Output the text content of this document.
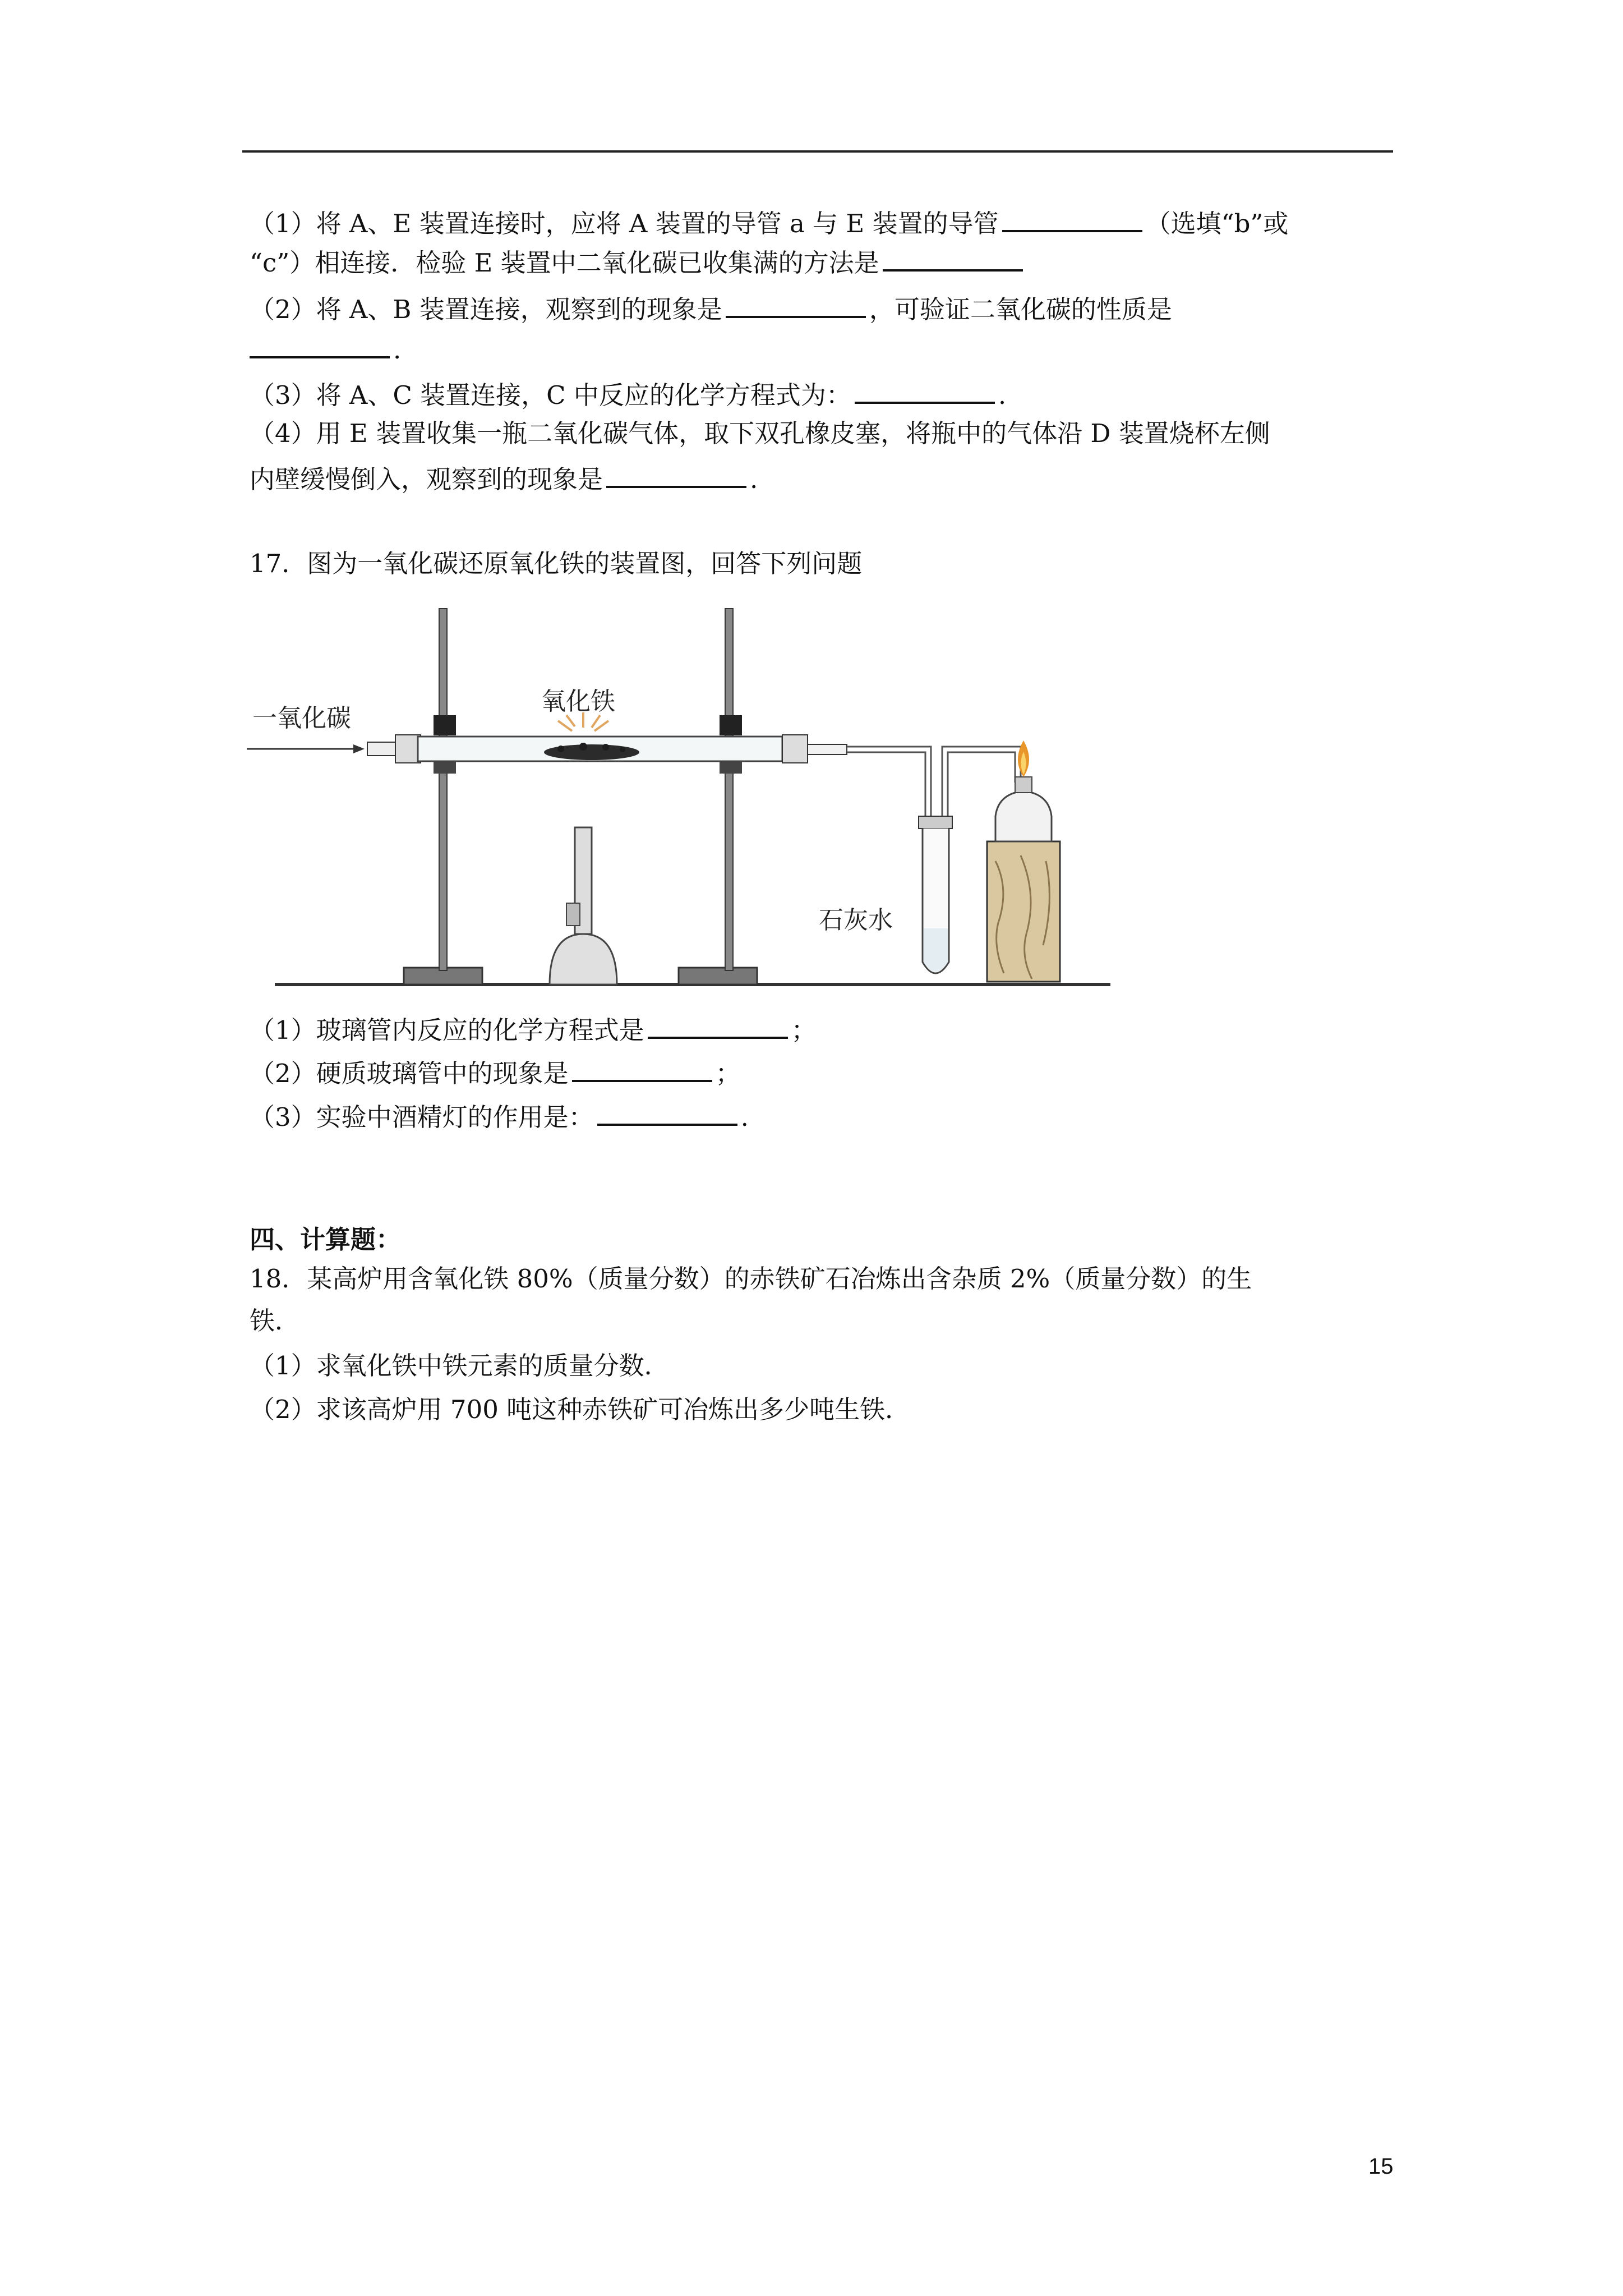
（1）将 A、E 装置连接时，应将 A 装置的导管 a 与 E 装置的导管	（选填“b”或
“c”）相连接．检验 E 装置中二氧化碳已收集满的方法是
（2）将 A、B 装置连接，观察到的现象是	，可验证二氧化碳的性质是
.
（3）将 A、C 装置连接，C 中反应的化学方程式为：	.
（4）用 E 装置收集一瓶二氧化碳气体，取下双孔橡皮塞，将瓶中的气体沿 D 装置烧杯左侧
内壁缓慢倒入，观察到的现象是	.
17．图为一氧化碳还原氧化铁的装置图，回答下列问题
一氧化碳
氧化铁
石灰水
（1）玻璃管内反应的化学方程式是	；
（2）硬质玻璃管中的现象是	；
（3）实验中酒精灯的作用是：	.
四、计算题：
18．某高炉用含氧化铁 80%（质量分数）的赤铁矿石冶炼出含杂质 2%（质量分数）的生
铁．
（1）求氧化铁中铁元素的质量分数．
（2）求该高炉用 700 吨这种赤铁矿可冶炼出多少吨生铁．
15
